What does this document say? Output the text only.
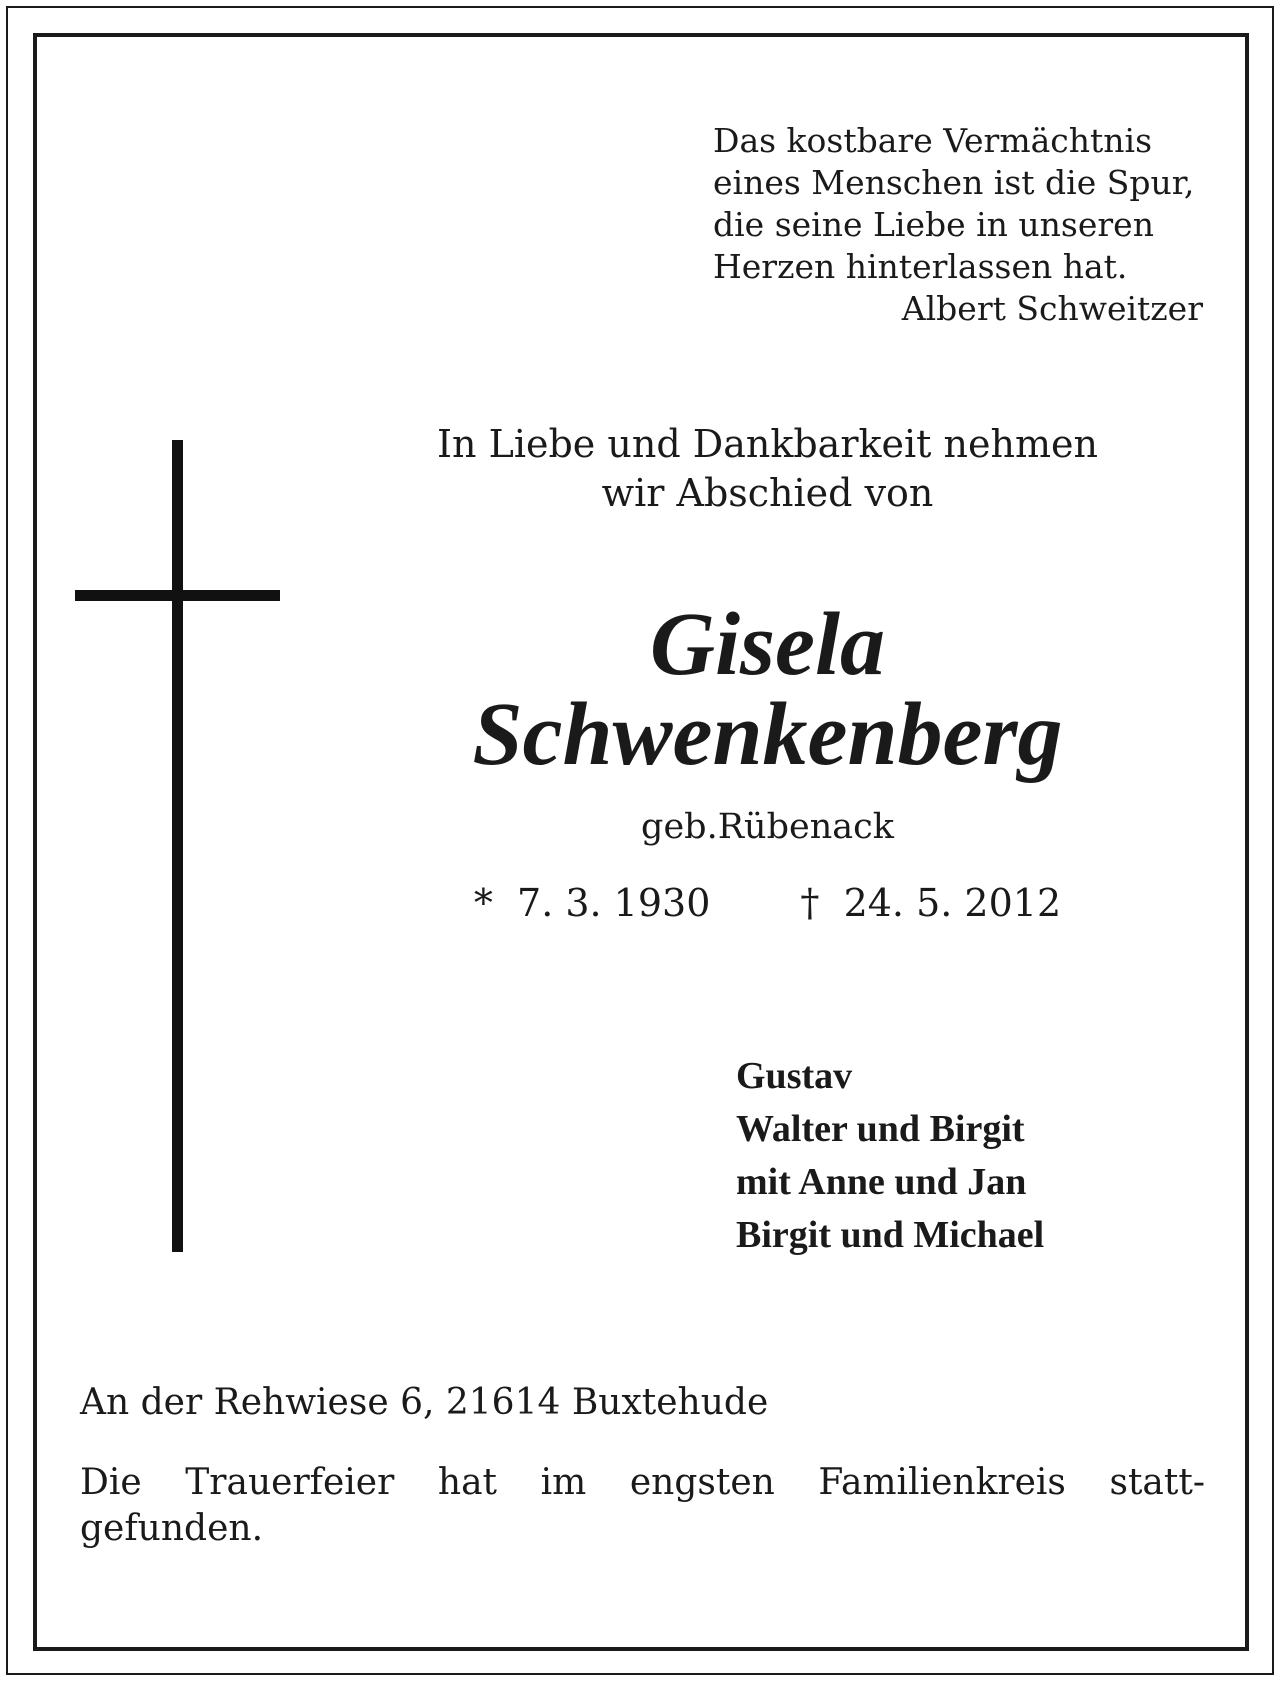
Das kostbare Vermächtnis
eines Menschen ist die Spur,
die seine Liebe in unseren
Herzen hinterlassen hat.
Albert Schweitzer
In Liebe und Dankbarkeit nehmen
wir Abschied von
Gisela
Schwenkenberg
geb.Rübenack
* 7. 3. 1930 † 24. 5. 2012
Gustav
Walter und Birgit
mit Anne und Jan
Birgit und Michael
An der Rehwiese 6, 21614 Buxtehude
Die Trauerfeier hat im engsten Familienkreis statt-
gefunden.
